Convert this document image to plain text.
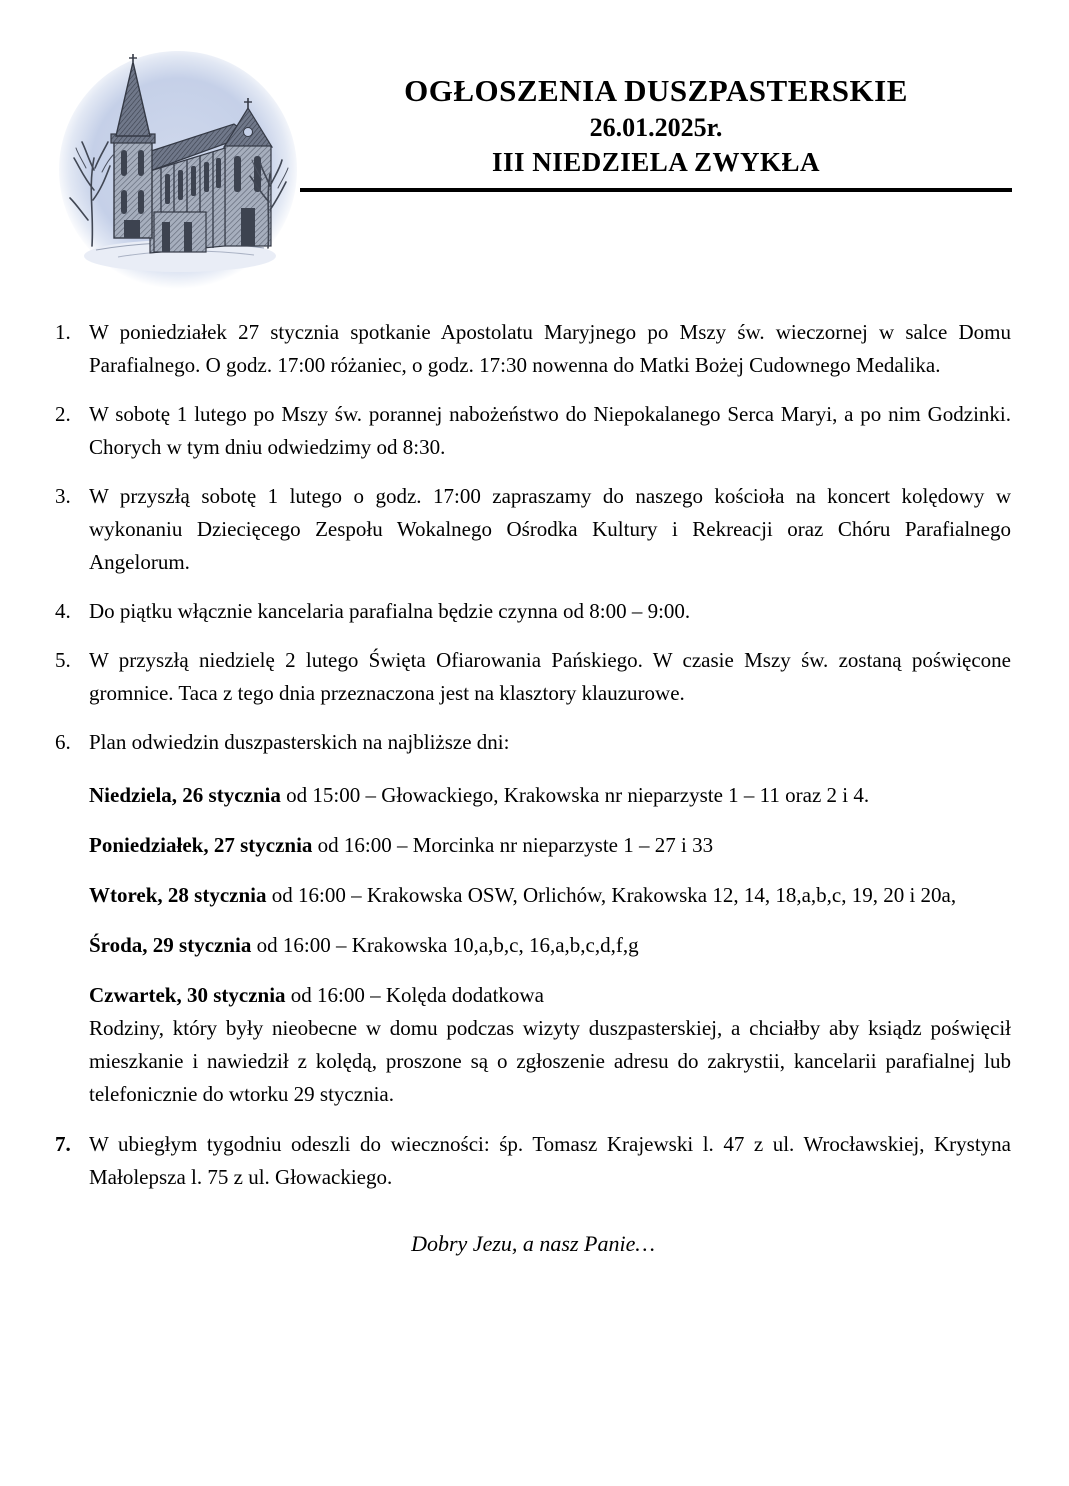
OGŁOSZENIA DUSZPASTERSKIE
26.01.2025r.
III NIEDZIELA ZWYKŁA
1. W poniedziałek 27 stycznia spotkanie Apostolatu Maryjnego po Mszy św. wieczornej w salce Domu Parafialnego. O godz. 17:00 różaniec, o godz. 17:30 nowenna do Matki Bożej Cudownego Medalika.
2. W sobotę 1 lutego po Mszy św. porannej nabożeństwo do Niepokalanego Serca Maryi, a po nim Godzinki. Chorych w tym dniu odwiedzimy od 8:30.
3. W przyszłą sobotę 1 lutego o godz. 17:00 zapraszamy do naszego kościoła na koncert kolędowy w wykonaniu Dziecięcego Zespołu Wokalnego Ośrodka Kultury i Rekreacji oraz Chóru Parafialnego Angelorum.
4. Do piątku włącznie kancelaria parafialna będzie czynna od 8:00 – 9:00.
5. W przyszłą niedzielę 2 lutego Święta Ofiarowania Pańskiego. W czasie Mszy św. zostaną poświęcone gromnice. Taca z tego dnia przeznaczona jest na klasztory klauzurowe.
6. Plan odwiedzin duszpasterskich na najbliższe dni:
Niedziela, 26 stycznia od 15:00 – Głowackiego, Krakowska nr nieparzyste 1 – 11 oraz 2 i 4.
Poniedziałek, 27 stycznia od 16:00 – Morcinka nr nieparzyste 1 – 27 i 33
Wtorek, 28 stycznia od 16:00 – Krakowska OSW, Orlichów, Krakowska 12, 14, 18,a,b,c, 19, 20 i 20a,
Środa, 29 stycznia od 16:00 – Krakowska 10,a,b,c, 16,a,b,c,d,f,g
Czwartek, 30 stycznia od 16:00 – Kolęda dodatkowa
Rodziny, który były nieobecne w domu podczas wizyty duszpasterskiej, a chciałby aby ksiądz poświęcił mieszkanie i nawiedził z kolędą, proszone są o zgłoszenie adresu do zakrystii, kancelarii parafialnej lub telefonicznie do wtorku 29 stycznia.
7. W ubiegłym tygodniu odeszli do wieczności: śp. Tomasz Krajewski l. 47 z ul. Wrocławskiej, Krystyna Małolepsza l. 75 z ul. Głowackiego.
Dobry Jezu, a nasz Panie…
